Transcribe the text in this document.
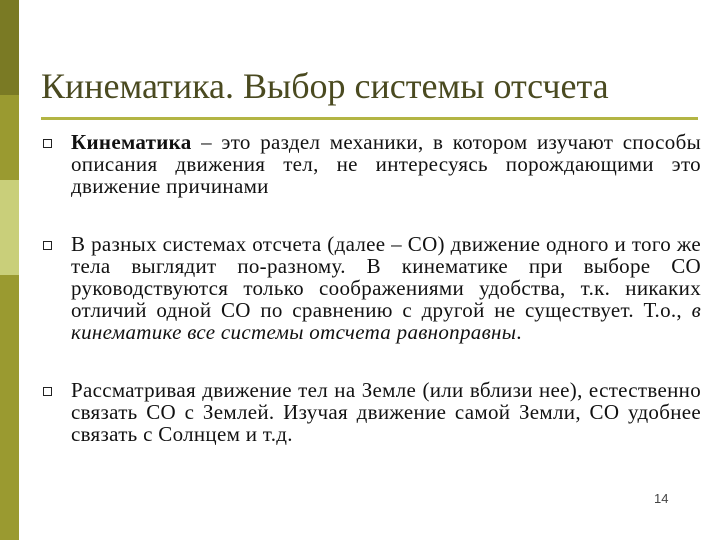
Кинематика. Выбор системы отсчета
Кинематика – это раздел механики, в котором изучают способы описания движения тел, не интересуясь порождающими это движение причинами
В разных системах отсчета (далее – СО) движение одного и того же тела выглядит по-разному. В кинематике при выборе СО руководствуются только соображениями удобства, т.к. никаких отличий одной СО по сравнению с другой не существует. Т.о., в кинематике все системы отсчета равноправны.
Рассматривая движение тел на Земле (или вблизи нее), естественно связать СО с Землей. Изучая движение самой Земли, СО удобнее связать с Солнцем и т.д.
14
